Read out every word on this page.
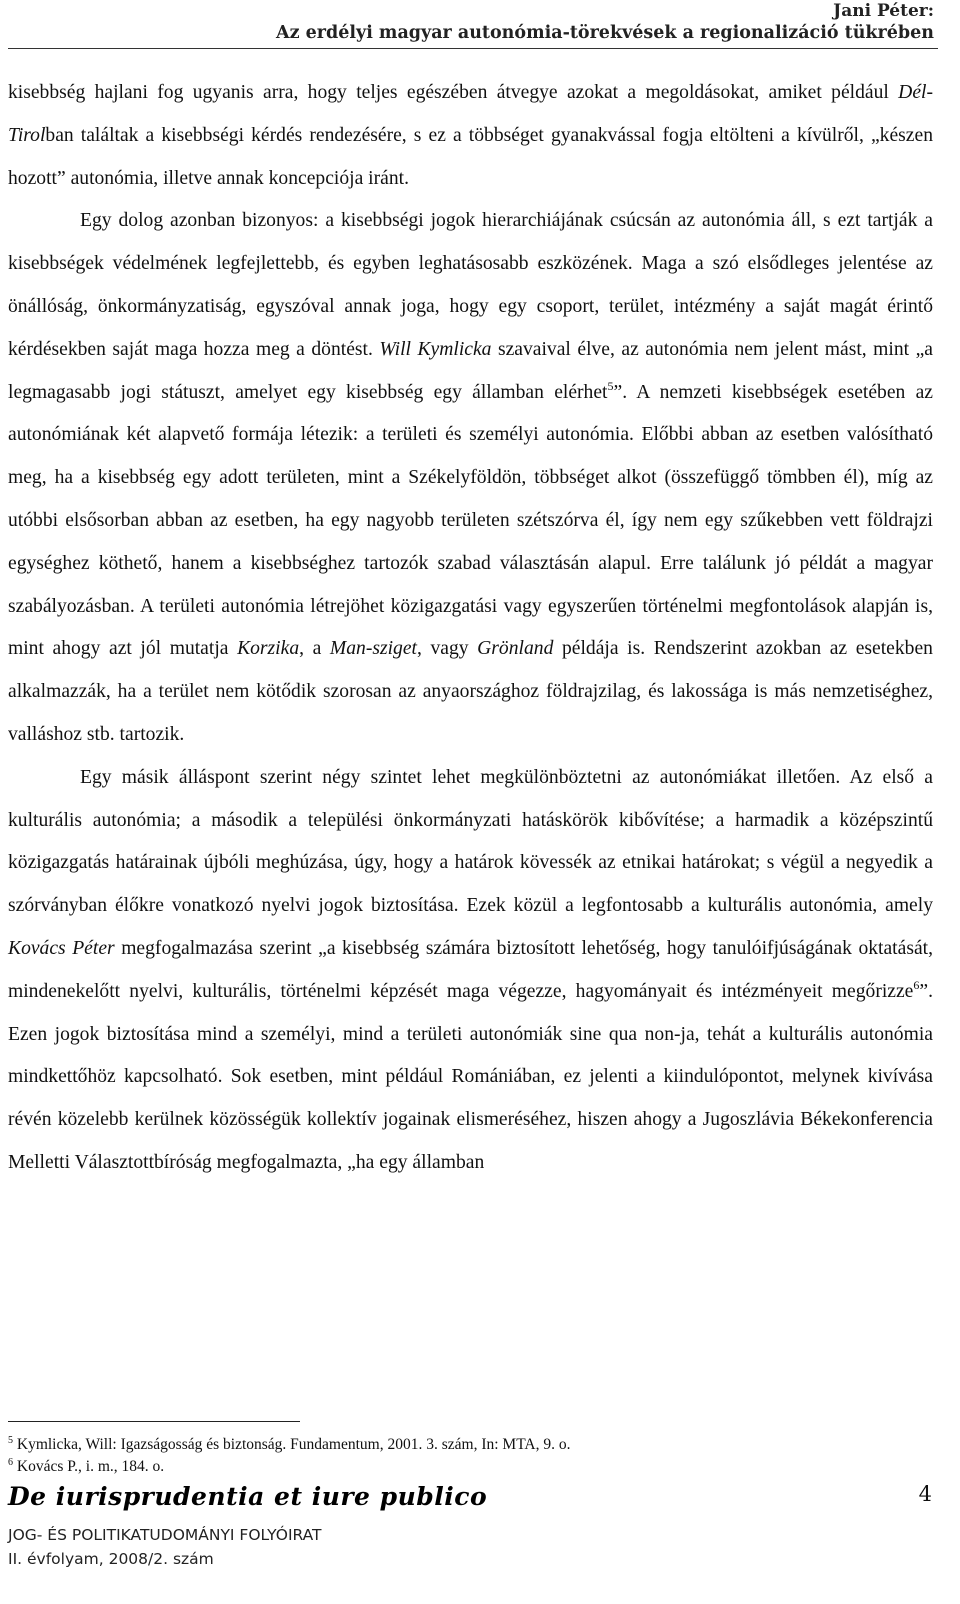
Jani Péter:
Az erdélyi magyar autonómia-törekvések a regionalizáció tükrében

kisebbség hajlani fog ugyanis arra, hogy teljes egészében átvegye azokat a megoldásokat, amiket például Dél-Tirolban találtak a kisebbségi kérdés rendezésére, s ez a többséget gyanakvással fogja eltölteni a kívülről, „készen hozott” autonómia, illetve annak koncepciója iránt.

Egy dolog azonban bizonyos: a kisebbségi jogok hierarchiájának csúcsán az autonómia áll, s ezt tartják a kisebbségek védelmének legfejlettebb, és egyben leghatásosabb eszközének. Maga a szó elsődleges jelentése az önállóság, önkormányzatiság, egyszóval annak joga, hogy egy csoport, terület, intézmény a saját magát érintő kérdésekben saját maga hozza meg a döntést. Will Kymlicka szavaival élve, az autonómia nem jelent mást, mint „a legmagasabb jogi státuszt, amelyet egy kisebbség egy államban elérhet$^5$”. A nemzeti kisebbségek esetében az autonómiának két alapvető formája létezik: a területi és személyi autonómia. Előbbi abban az esetben valósítható meg, ha a kisebbség egy adott területen, mint a Székelyföldön, többséget alkot (összefüggő tömbben él), míg az utóbbi elsősorban abban az esetben, ha egy nagyobb területen szétszórva él, így nem egy szűkebben vett földrajzi egységhez köthető, hanem a kisebbséghez tartozók szabad választásán alapul. Erre találunk jó példát a magyar szabályozásban. A területi autonómia létrejöhet közigazgatási vagy egyszerűen történelmi megfontolások alapján is, mint ahogy azt jól mutatja Korzika, a Man-sziget, vagy Grönland példája is. Rendszerint azokban az esetekben alkalmazzák, ha a terület nem kötődik szorosan az anyaországhoz földrajzilag, és lakossága is más nemzetiséghez, valláshoz stb. tartozik.

Egy másik álláspont szerint négy szintet lehet megkülönböztetni az autonómiákat illetően. Az első a kulturális autonómia; a második a települési önkormányzati hatáskörök kibővítése; a harmadik a középszintű közigazgatás határainak újbóli meghúzása, úgy, hogy a határok kövessék az etnikai határokat; s végül a negyedik a szórványban élőkre vonatkozó nyelvi jogok biztosítása. Ezek közül a legfontosabb a kulturális autonómia, amely Kovács Péter megfogalmazása szerint „a kisebbség számára biztosított lehetőség, hogy tanulóifjúságának oktatását, mindenekelőtt nyelvi, kulturális, történelmi képzését maga végezze, hagyományait és intézményeit megőrizze$^6$”. Ezen jogok biztosítása mind a személyi, mind a területi autonómiák sine qua non-ja, tehát a kulturális autonómia mindkettőhöz kapcsolható. Sok esetben, mint például Romániában, ez jelenti a kiindulópontot, melynek kivívása révén közelebb kerülnek közösségük kollektív jogainak elismeréséhez, hiszen ahogy a Jugoszlávia Békekonferencia Melletti Választottbíróság megfogalmazta, „ha egy államban

$^5$ Kymlicka, Will: Igazságosság és biztonság. Fundamentum, 2001. 3. szám, In: MTA, 9. o.
$^6$ Kovács P., i. m., 184. o.
De iurisprudentia et iure publico	4
JOG- ÉS POLITIKATUDOMÁNYI FOLYÓIRAT
II. évfolyam, 2008/2. szám
